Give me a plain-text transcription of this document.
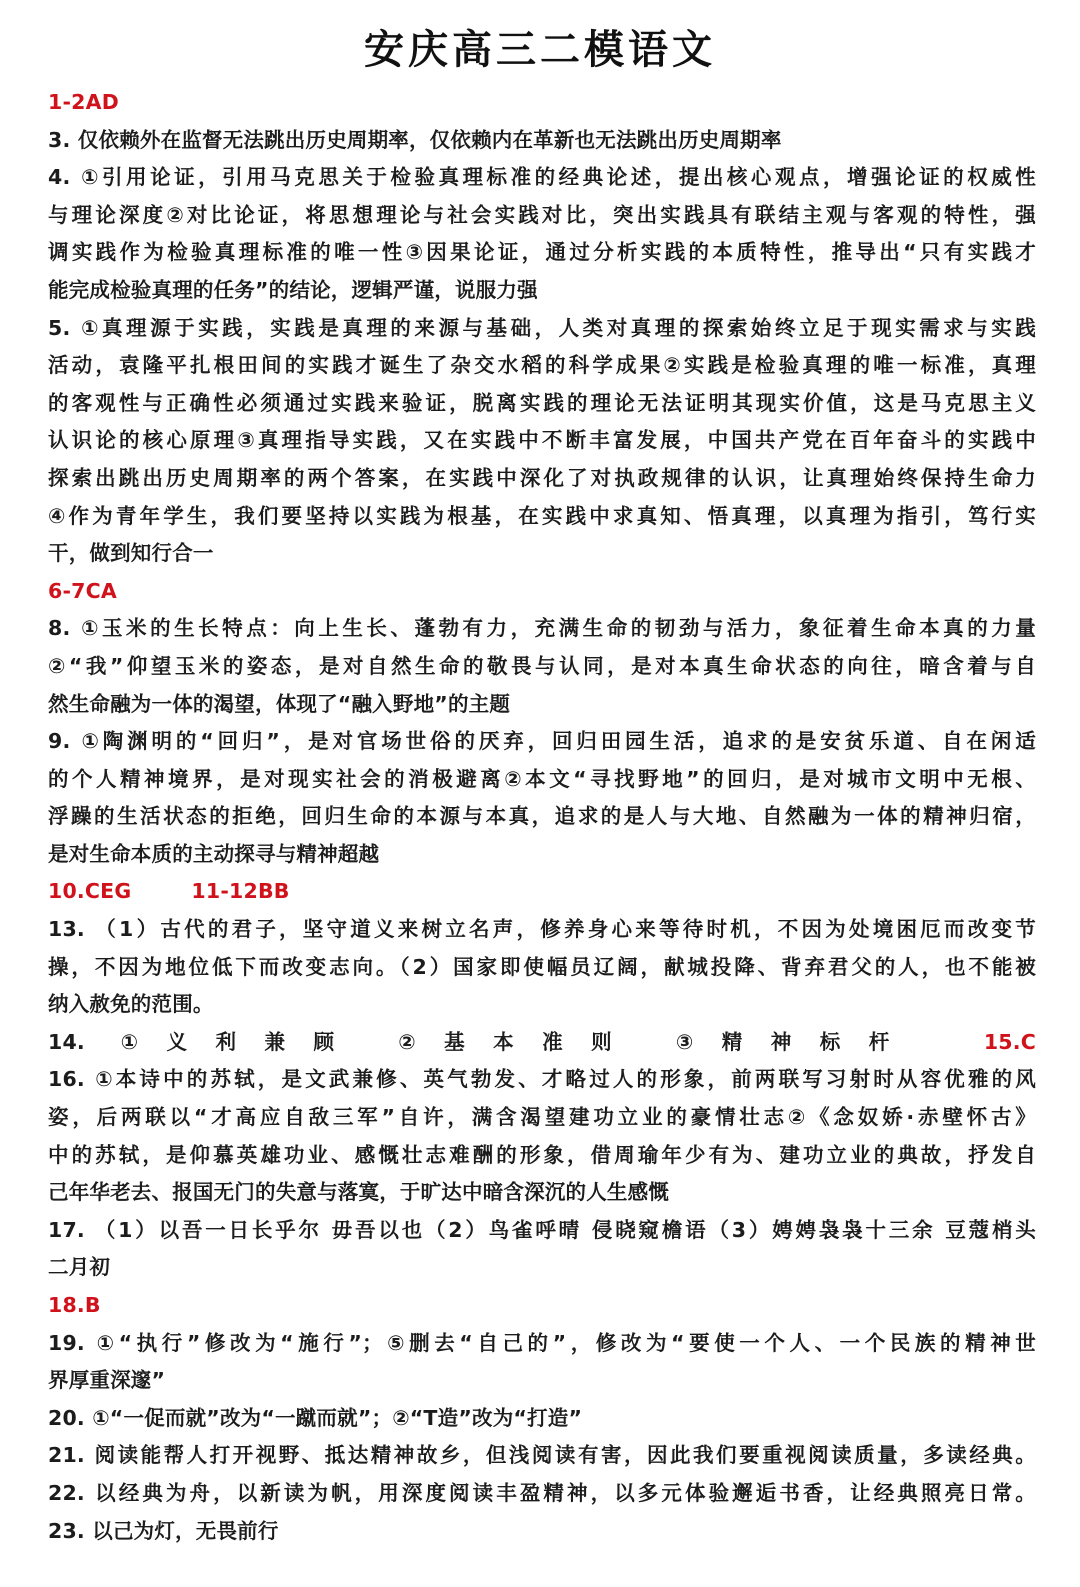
安庆高三二模语文
1-2AD
3. 仅依赖外在监督无法跳出历史周期率，仅依赖内在革新也无法跳出历史周期率
4. ①引用论证，引用马克思关于检验真理标准的经典论述，提出核心观点，增强论证的权威性
与理论深度②对比论证，将思想理论与社会实践对比，突出实践具有联结主观与客观的特性，强
调实践作为检验真理标准的唯一性③因果论证，通过分析实践的本质特性，推导出“只有实践才
能完成检验真理的任务”的结论，逻辑严谨，说服力强
5. ①真理源于实践，实践是真理的来源与基础，人类对真理的探索始终立足于现实需求与实践
活动，袁隆平扎根田间的实践才诞生了杂交水稻的科学成果②实践是检验真理的唯一标准，真理
的客观性与正确性必须通过实践来验证，脱离实践的理论无法证明其现实价值，这是马克思主义
认识论的核心原理③真理指导实践，又在实践中不断丰富发展，中国共产党在百年奋斗的实践中
探索出跳出历史周期率的两个答案，在实践中深化了对执政规律的认识，让真理始终保持生命力
④作为青年学生，我们要坚持以实践为根基，在实践中求真知、悟真理，以真理为指引，笃行实
干，做到知行合一
6-7CA
8. ①玉米的生长特点：向上生长、蓬勃有力，充满生命的韧劲与活力，象征着生命本真的力量
②“我”仰望玉米的姿态，是对自然生命的敬畏与认同，是对本真生命状态的向往，暗含着与自
然生命融为一体的渴望，体现了“融入野地”的主题
9. ①陶渊明的“回归”，是对官场世俗的厌弃，回归田园生活，追求的是安贫乐道、自在闲适
的个人精神境界，是对现实社会的消极避离②本文“寻找野地”的回归，是对城市文明中无根、
浮躁的生活状态的拒绝，回归生命的本源与本真，追求的是人与大地、自然融为一体的精神归宿，
是对生命本质的主动探寻与精神超越
10.CEG	11-12BB
13. （1）古代的君子，坚守道义来树立名声，修养身心来等待时机，不因为处境困厄而改变节
操，不因为地位低下而改变志向。（2）国家即使幅员辽阔，献城投降、背弃君父的人，也不能被
纳入赦免的范围。
14. ①义利兼顾 ②基本准则 ③精神标杆	15.C
16. ①本诗中的苏轼，是文武兼修、英气勃发、才略过人的形象，前两联写习射时从容优雅的风
姿，后两联以“才高应自敌三军”自许，满含渴望建功立业的豪情壮志②《念奴娇·赤壁怀古》
中的苏轼，是仰慕英雄功业、感慨壮志难酬的形象，借周瑜年少有为、建功立业的典故，抒发自
己年华老去、报国无门的失意与落寞，于旷达中暗含深沉的人生感慨
17. （1）以吾一日长乎尔 毋吾以也（2）鸟雀呼晴 侵晓窥檐语（3）娉娉袅袅十三余 豆蔻梢头
二月初
18.B
19. ①“执行”修改为“施行”；⑤删去“自己的”，修改为“要使一个人、一个民族的精神世
界厚重深邃”
20. ①“一促而就”改为“一蹴而就”；②“T造”改为“打造”
21. 阅读能帮人打开视野、抵达精神故乡，但浅阅读有害，因此我们要重视阅读质量，多读经典。
22. 以经典为舟，以新读为帆，用深度阅读丰盈精神，以多元体验邂逅书香，让经典照亮日常。
23. 以己为灯，无畏前行
